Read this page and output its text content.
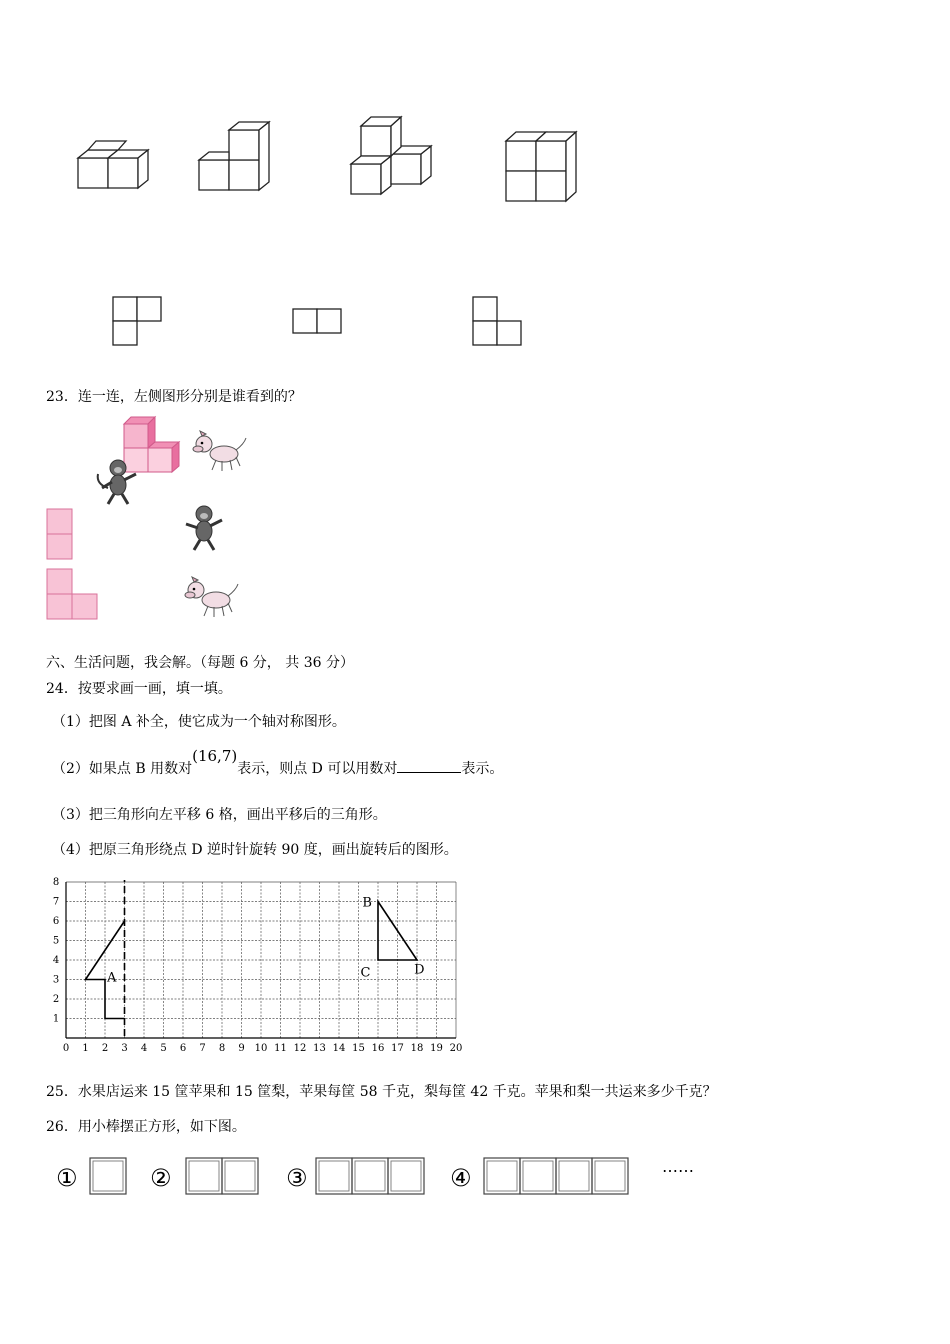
23．连一连，左侧图形分别是谁看到的？
六、生活问题，我会解。（每题 6 分， 共 36 分）
24．按要求画一画，填一填。
（1）把图 A 补全，使它成为一个轴对称图形。
（2）如果点 B 用数对(16,7)表示，则点 D 可以用数对	表示。
（3）把三角形向左平移 6 格，画出平移后的三角形。
（4）把原三角形绕点 D 逆时针旋转 90 度，画出旋转后的图形。
0 1 2 3 4 5 6 7 8 9 10 11 12 13 14 15 16 17 18 19 20
1
2
3
4
5
6
7
8
A
B
C	D
25．水果店运来 15 筐苹果和 15 筐梨，苹果每筐 58 千克，梨每筐 42 千克。苹果和梨一共运来多少千克？
26．用小棒摆正方形，如下图。
①	②	③	④	……
